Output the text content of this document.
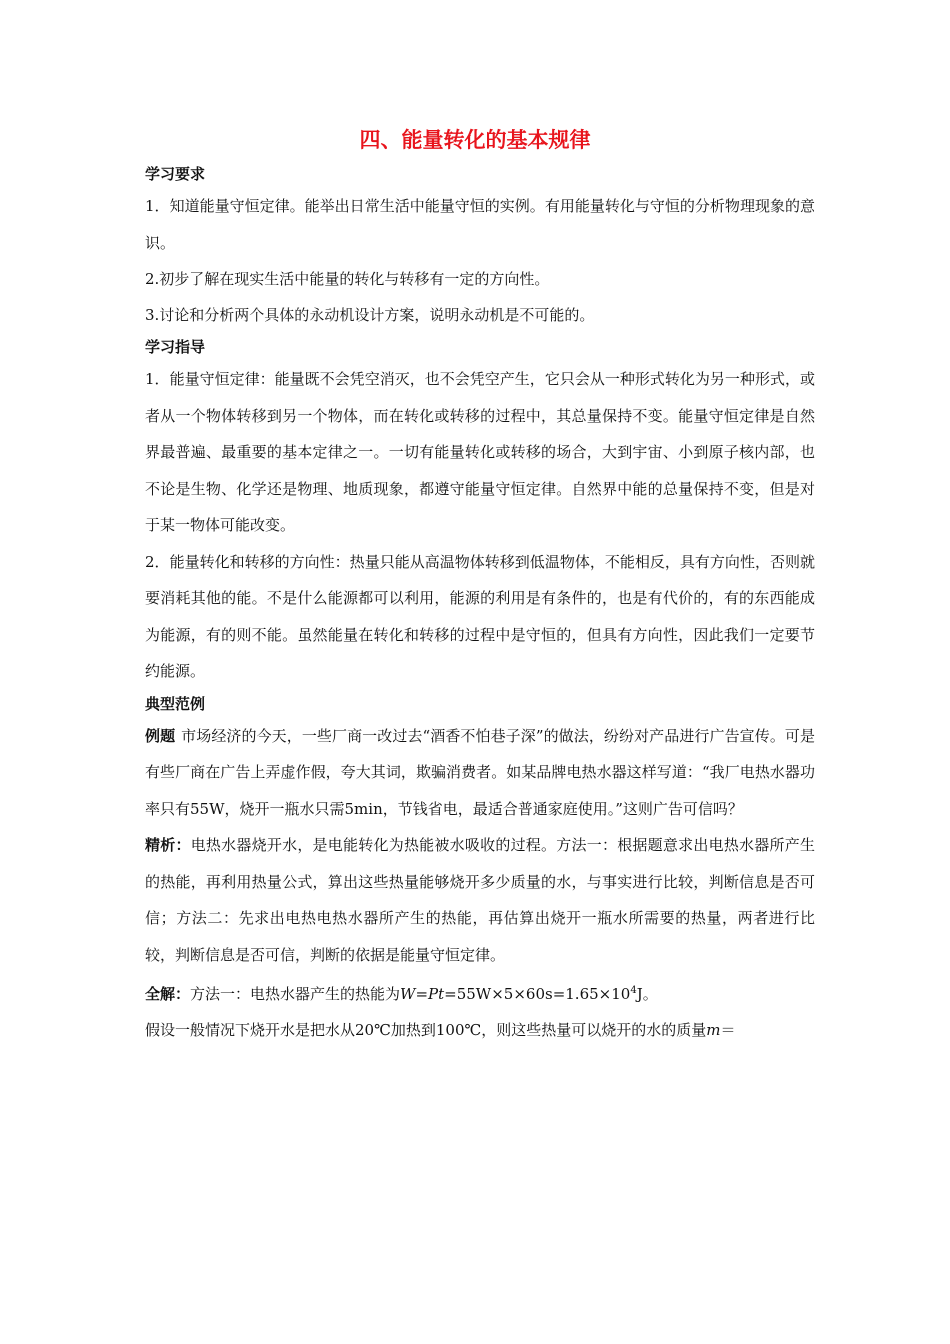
四、能量转化的基本规律

学习要求

1．知道能量守恒定律。能举出日常生活中能量守恒的实例。有用能量转化与守恒的分析物理现象的意识。

2.初步了解在现实生活中能量的转化与转移有一定的方向性。

3.讨论和分析两个具体的永动机设计方案，说明永动机是不可能的。

学习指导

1．能量守恒定律：能量既不会凭空消灭，也不会凭空产生，它只会从一种形式转化为另一种形式，或者从一个物体转移到另一个物体，而在转化或转移的过程中，其总量保持不变。能量守恒定律是自然界最普遍、最重要的基本定律之一。一切有能量转化或转移的场合，大到宇宙、小到原子核内部，也不论是生物、化学还是物理、地质现象，都遵守能量守恒定律。自然界中能的总量保持不变，但是对于某一物体可能改变。

2．能量转化和转移的方向性：热量只能从高温物体转移到低温物体，不能相反，具有方向性，否则就要消耗其他的能。不是什么能源都可以利用，能源的利用是有条件的，也是有代价的，有的东西能成为能源，有的则不能。虽然能量在转化和转移的过程中是守恒的，但具有方向性，因此我们一定要节约能源。

典型范例

例题 市场经济的今天，一些厂商一改过去“酒香不怕巷子深”的做法，纷纷对产品进行广告宣传。可是有些厂商在广告上弄虚作假，夸大其词，欺骗消费者。如某品牌电热水器这样写道：“我厂电热水器功率只有55W，烧开一瓶水只需5min，节钱省电，最适合普通家庭使用。”这则广告可信吗？

精析：电热水器烧开水，是电能转化为热能被水吸收的过程。方法一：根据题意求出电热水器所产生的热能，再利用热量公式，算出这些热量能够烧开多少质量的水，与事实进行比较，判断信息是否可信；方法二：先求出电热电热水器所产生的热能，再估算出烧开一瓶水所需要的热量，两者进行比较，判断信息是否可信，判断的依据是能量守恒定律。

全解：方法一：电热水器产生的热能为$W=Pt=55W\times 5\times 60s=1.65\times 10^4J$。

假设一般情况下烧开水是把水从20℃加热到100℃，则这些热量可以烧开的水的质量m＝
